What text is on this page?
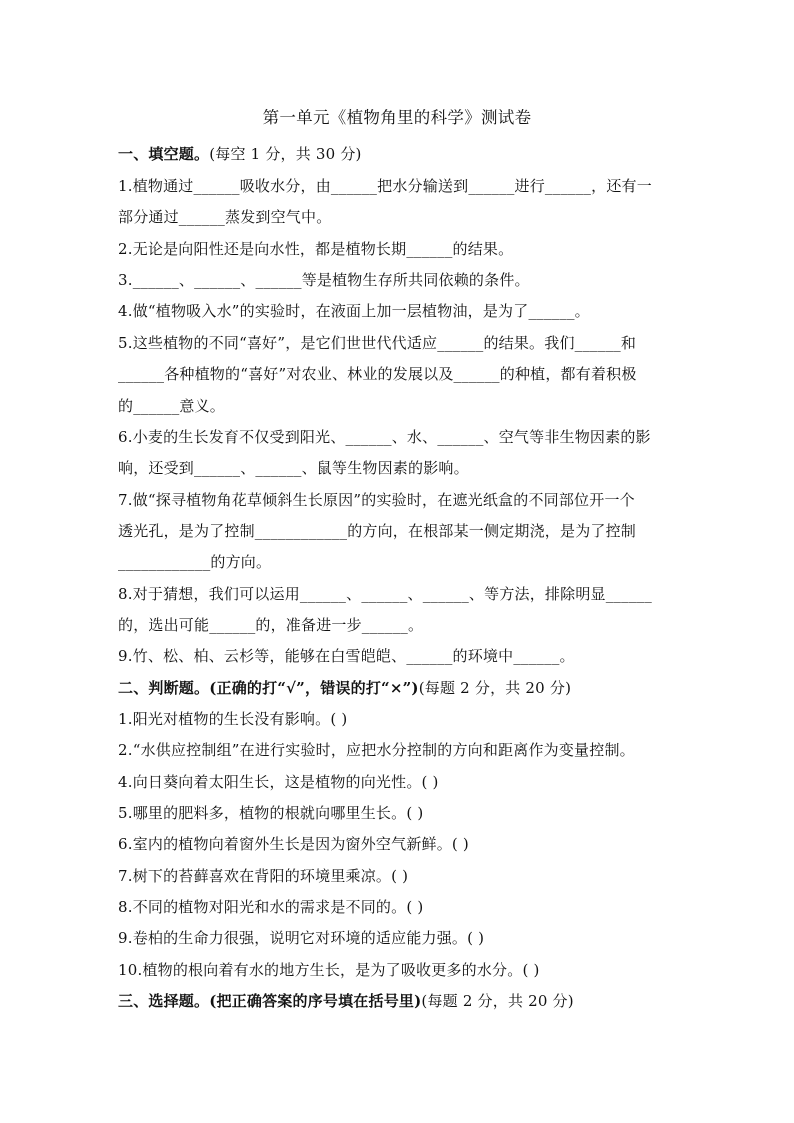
第一单元《植物角里的科学》测试卷
一、填空题。(每空 1 分，共 30 分)
1.植物通过______吸收水分，由______把水分输送到______进行______，还有一
部分通过______蒸发到空气中。
2.无论是向阳性还是向水性，都是植物长期______的结果。
3.______、______、______等是植物生存所共同依赖的条件。
4.做“植物吸入水”的实验时，在液面上加一层植物油，是为了______。
5.这些植物的不同“喜好”，是它们世世代代适应______的结果。我们______和
______各种植物的“喜好”对农业、林业的发展以及______的种植，都有着积极
的______意义。
6.小麦的生长发育不仅受到阳光、______、水、______、空气等非生物因素的影
响，还受到______、______、鼠等生物因素的影响。
7.做“探寻植物角花草倾斜生长原因”的实验时，在遮光纸盒的不同部位开一个
透光孔，是为了控制____________的方向，在根部某一侧定期浇，是为了控制
____________的方向。
8.对于猜想，我们可以运用______、______、______、等方法，排除明显______
的，选出可能______的，准备进一步______。
9.竹、松、柏、云杉等，能够在白雪皑皑、______的环境中______。
二、判断题。(正确的打“√”，错误的打“×”)(每题 2 分，共 20 分)
1.阳光对植物的生长没有影响。( )
2.“水供应控制组”在进行实验时，应把水分控制的方向和距离作为变量控制。
4.向日葵向着太阳生长，这是植物的向光性。( )
5.哪里的肥料多，植物的根就向哪里生长。( )
6.室内的植物向着窗外生长是因为窗外空气新鲜。( )
7.树下的苔藓喜欢在背阳的环境里乘凉。( )
8.不同的植物对阳光和水的需求是不同的。( )
9.卷柏的生命力很强，说明它对环境的适应能力强。( )
10.植物的根向着有水的地方生长，是为了吸收更多的水分。( )
三、选择题。(把正确答案的序号填在括号里)(每题 2 分，共 20 分)
